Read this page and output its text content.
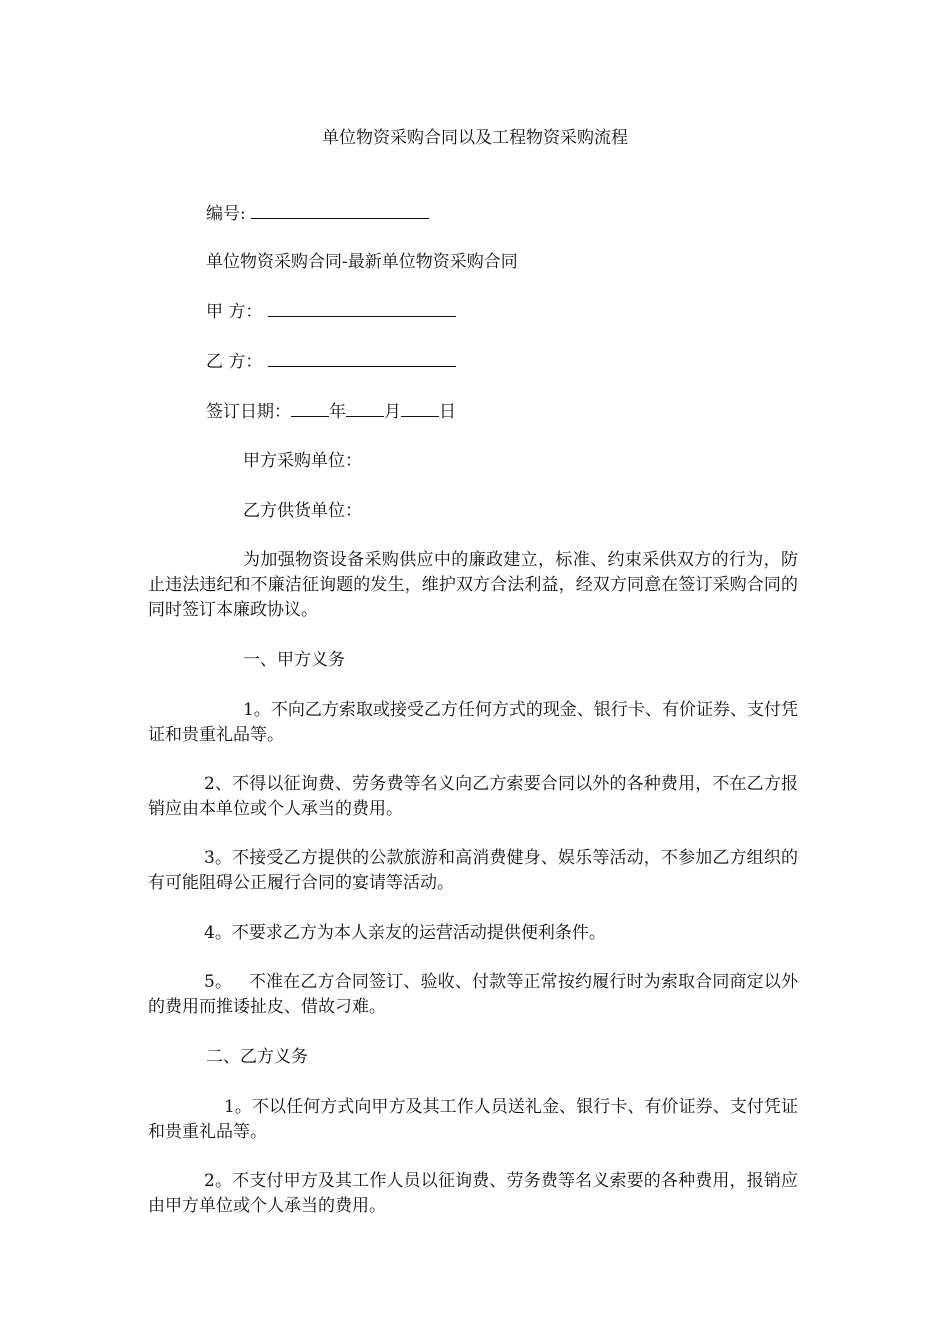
单位物资采购合同以及工程物资采购流程
编号:
单位物资采购合同-最新单位物资采购合同
甲 方：
乙 方：
签订日期： 年 月 日
甲方采购单位：
乙方供货单位：
为加强物资设备采购供应中的廉政建立，标准、约束采供双方的行为，防止违法违纪和不廉洁征询题的发生，维护双方合法利益，经双方同意在签订采购合同的同时签订本廉政协议。
一、甲方义务
1。不向乙方索取或接受乙方任何方式的现金、银行卡、有价证券、支付凭证和贵重礼品等。
2、不得以征询费、劳务费等名义向乙方索要合同以外的各种费用，不在乙方报销应由本单位或个人承当的费用。
3。不接受乙方提供的公款旅游和高消费健身、娱乐等活动，不参加乙方组织的有可能阻碍公正履行合同的宴请等活动。
4。不要求乙方为本人亲友的运营活动提供便利条件。
5。   不准在乙方合同签订、验收、付款等正常按约履行时为索取合同商定以外的费用而推诿扯皮、借故刁难。
二、乙方义务
1。不以任何方式向甲方及其工作人员送礼金、银行卡、有价证券、支付凭证和贵重礼品等。
2。不支付甲方及其工作人员以征询费、劳务费等名义索要的各种费用，报销应由甲方单位或个人承当的费用。
